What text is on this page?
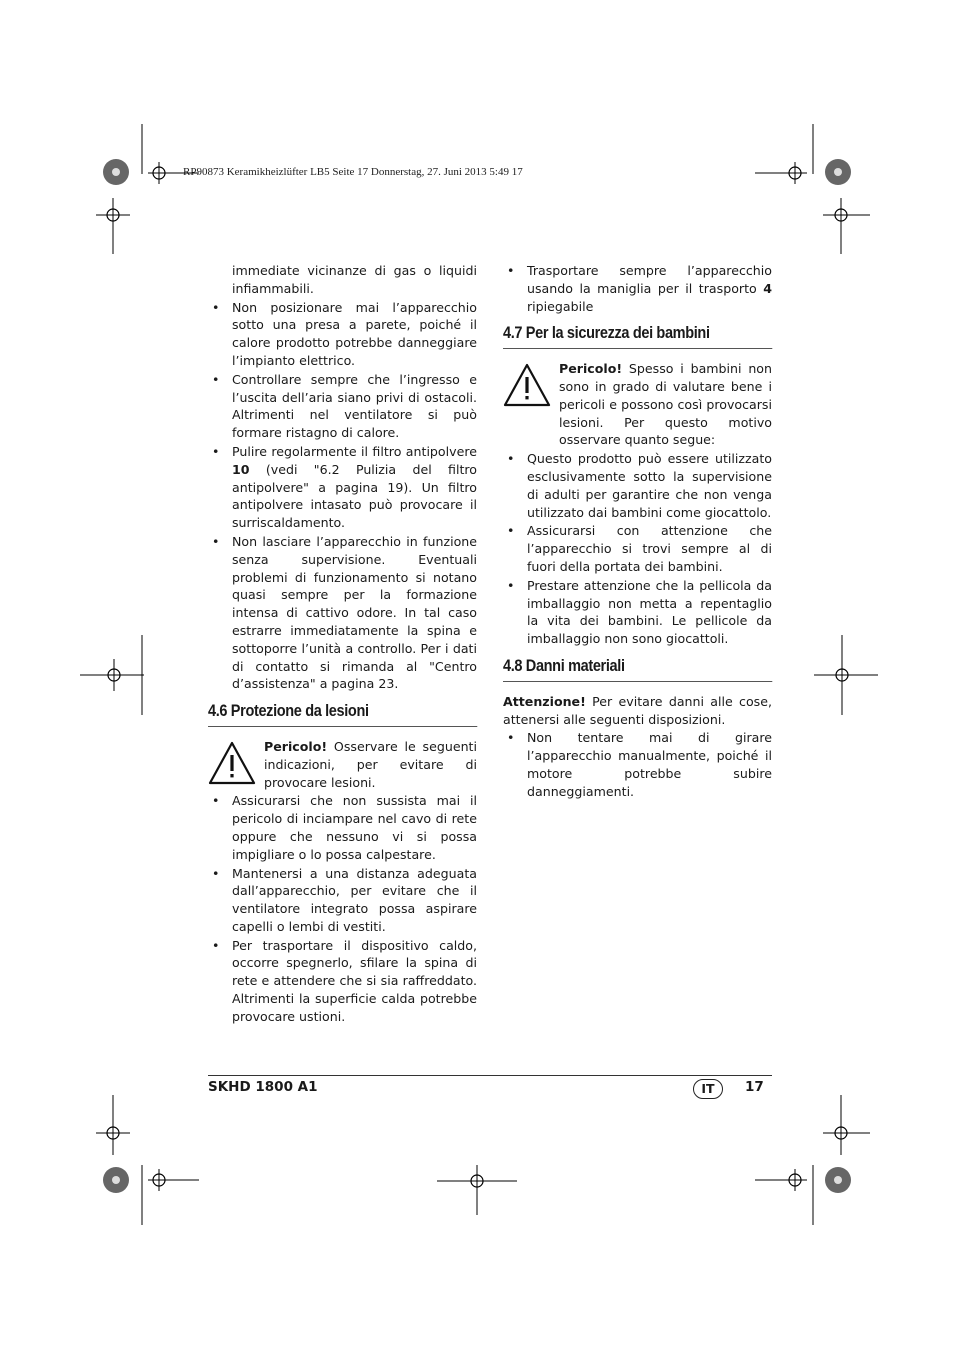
RP90873 Keramikheizlüfter LB5 Seite 17 Donnerstag, 27. Juni 2013 5:49 17

immediate vicinanze di gas o liquidi infiammabili.

• Non posizionare mai l’apparecchio sotto una presa a parete, poiché il calore prodotto potrebbe danneggiare l’impianto elettrico.
• Controllare sempre che l’ingresso e l’uscita dell’aria siano privi di ostacoli. Altrimenti nel ventilatore si può formare ristagno di calore.
• Pulire regolarmente il filtro antipolvere 10 (vedi "6.2 Pulizia del filtro antipolvere" a pagina 19). Un filtro antipolvere intasato può provocare il surriscaldamento.
• Non lasciare l’apparecchio in funzione senza supervisione. Eventuali problemi di funzionamento si notano quasi sempre per la formazione intensa di cattivo odore. In tal caso estrarre immediatamente la spina e sottoporre l’unità a controllo. Per i dati di contatto si rimanda al "Centro d’assistenza" a pagina 23.
4.6 Protezione da lesioni
Pericolo! Osservare le seguenti indicazioni, per evitare di provocare lesioni.
• Assicurarsi che non sussista mai il pericolo di inciampare nel cavo di rete oppure che nessuno vi si possa impigliare o lo possa calpestare.
• Mantenersi a una distanza adeguata dall’apparecchio, per evitare che il ventilatore integrato possa aspirare capelli o lembi di vestiti.
• Per trasportare il dispositivo caldo, occorre spegnerlo, sfilare la spina di rete e attendere che si sia raffreddato. Altrimenti la superficie calda potrebbe provocare ustioni.
• Trasportare sempre l’apparecchio usando la maniglia per il trasporto 4 ripiegabile
4.7 Per la sicurezza dei bambini
Pericolo! Spesso i bambini non sono in grado di valutare bene i pericoli e possono così provocarsi lesioni. Per questo motivo osservare quanto segue:
• Questo prodotto può essere utilizzato esclusivamente sotto la supervisione di adulti per garantire che non venga utilizzato dai bambini come giocattolo.
• Assicurarsi con attenzione che l’apparecchio si trovi sempre al di fuori della portata dei bambini.
• Prestare attenzione che la pellicola da imballaggio non metta a repentaglio la vita dei bambini. Le pellicole da imballaggio non sono giocattoli.
4.8 Danni materiali

Attenzione! Per evitare danni alle cose, attenersi alle seguenti disposizioni.

• Non tentare mai di girare l’apparecchio manualmente, poiché il motore potrebbe subire danneggiamenti.
SKHD 1800 A1	IT	17
